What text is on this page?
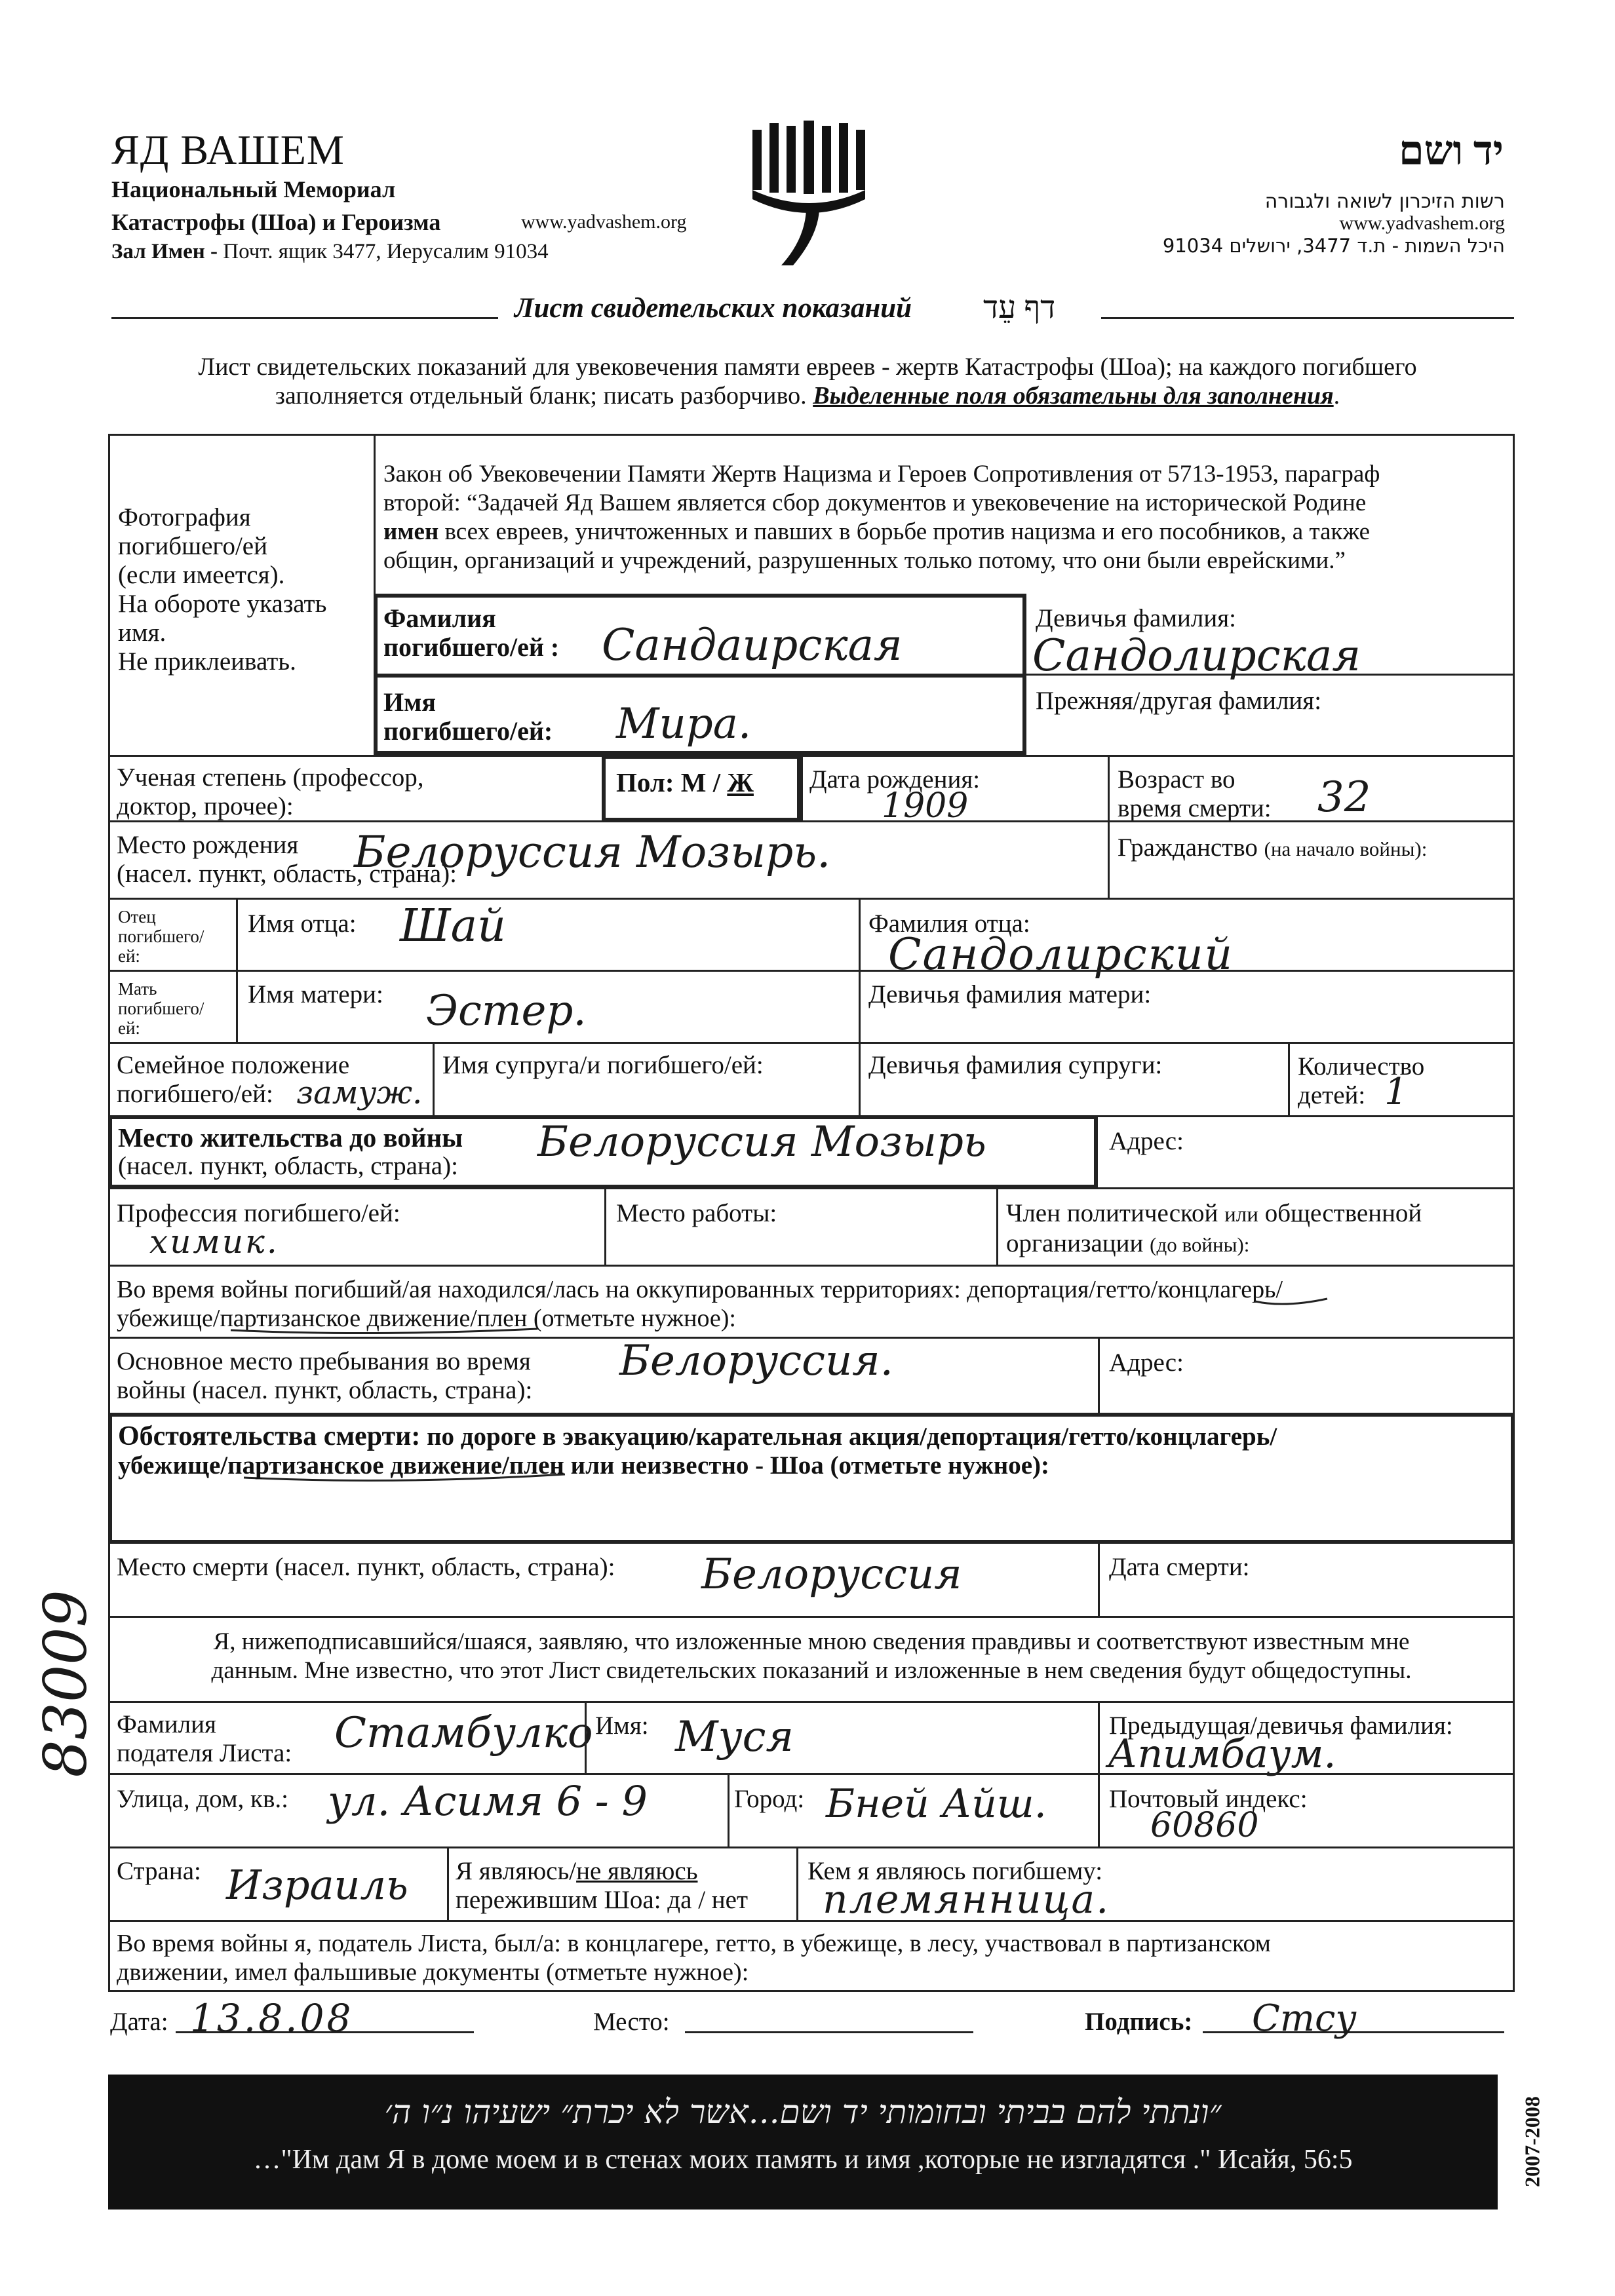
ЯД ВАШЕМ
Национальный Мемориал
Катастрофы (Шоа) и Героизма	www.yadvashem.org
Зал Имен - Почт. ящик 3477, Иерусалим 91034
יד ושם
רשות הזיכרון לשואה ולגבורה
www.yadvashem.org
היכל השמות - ת.ד 3477, ירושלים 91034
Лист свидетельских показаний דף עֵד
Лист свидетельских показаний для увековечения памяти евреев - жертв Катастрофы (Шоа); на каждого погибшего
заполняется отдельный бланк; писать разборчиво. Выделенные поля обязательны для заполнения.
Фотография
погибшего/ей
(если имеется).
На обороте указать
имя.
Не приклеивать.
Закон об Увековечении Памяти Жертв Нацизма и Героев Сопротивления от 5713-1953, параграф
второй: “Задачей Яд Вашем является сбор документов и увековечение на исторической Родине
имен всех евреев, уничтоженных и павших в борьбе против нацизма и его пособников, а также
общин, организаций и учреждений, разрушенных только потому, что они были еврейскими.”
Фамилия
погибшего/ей : Сандаирская
Девичья фамилия:
Сандолирская
Имя
погибшего/ей: Мира.	Прежняя/другая фамилия:
Ученая степень (профессор,
доктор, прочее):
Пол: М / Ж Дата рождения:
1909
Возраст во
время смерти: 32
Место рождения
(насел. пункт, область, страна):
Белоруссия Мозырь.	Гражданство (на начало войны):
Отец
погибшего/
ей:
Имя отца: Шай	Фамилия отца:
Сандолирский
Мать
погибшего/
ей:
Имя матери: Эстер.	Девичья фамилия матери:
Семейное положение
погибшего/ей: замуж.
Имя супруга/и погибшего/ей:	Девичья фамилия супруги:	Количество
детей: 1
Место жительства до войны
(насел. пункт, область, страна): Белоруссия Мозырь	Адрес:
Профессия погибшего/ей:
химик.
Место работы:	Член политической или общественной
организации (до войны):
Во время войны погибший/ая находился/лась на оккупированных территориях: депортация/гетто/концлагерь/
убежище/партизанское движение/плен (отметьте нужное):
Основное место пребывания во время
войны (насел. пункт, область, страна):
Белоруссия.	Адрес:
Обстоятельства смерти: по дороге в эвакуацию/карательная акция/депортация/гетто/концлагерь/
убежище/партизанское движение/плен или неизвестно - Шоа (отметьте нужное):
Место смерти (насел. пункт, область, страна): Белоруссия	Дата смерти:
83009	Я, нижеподписавшийся/шаяся, заявляю, что изложенные мною сведения правдивы и соответствуют известным мне
данным. Мне известно, что этот Лист свидетельских показаний и изложенные в нем сведения будут общедоступны.
Фамилия
подателя Листа: Стамбулко Имя: Муся	Предыдущая/девичья фамилия:
Апимбаум.
Улица, дом, кв.: ул. Асимя 6 - 9	Город: Бней Айш. Почтовый индекс:
60860
Страна: Израиль Я являюсь/не являюсь
пережившим Шоа: да / нет
Кем я являюсь погибшему:
племянница.
Во время войны я, податель Листа, был/а: в концлагере, гетто, в убежище, в лесу, участвовал в партизанском
движении, имел фальшивые документы (отметьте нужное):
Дата: 13.8.08	Место:	Подпись: Стсу
״ונתתי להם בביתי ובחומותי יד ושם...אשר לא יכרת״ ישעיהו נ״ו ה׳
…"Им дам Я в доме моем и в стенах моих память и имя ,которые не изгладятся ." Исайя, 56:5	2007-2008
